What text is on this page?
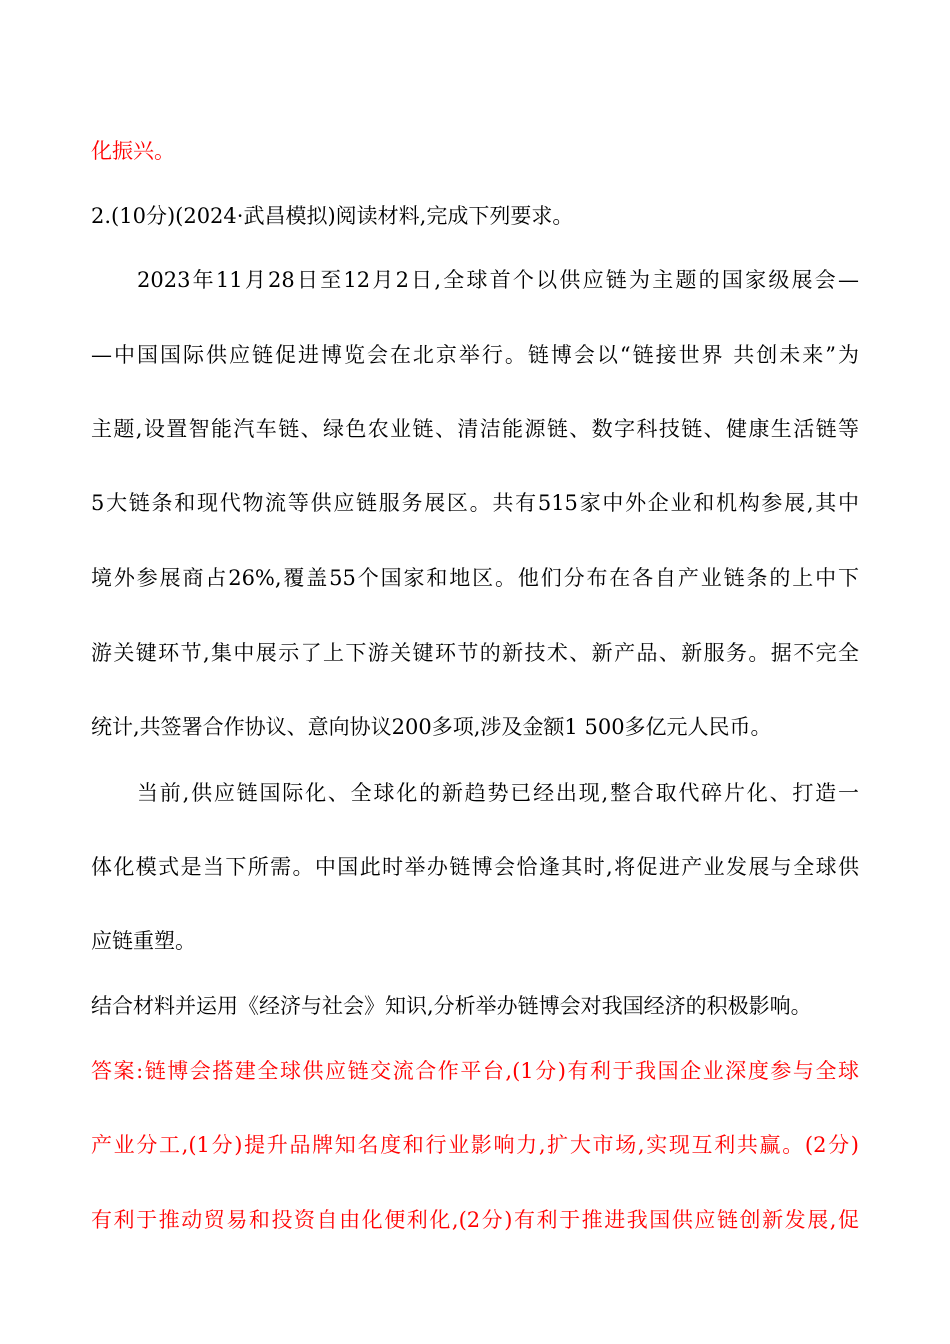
化振兴。
2.(10分)(2024·武昌模拟)阅读材料,完成下列要求。
2023年11月28日至12月2日,全球首个以供应链为主题的国家级展会—
—中国国际供应链促进博览会在北京举行。链博会以“链接世界 共创未来”为
主题,设置智能汽车链、绿色农业链、清洁能源链、数字科技链、健康生活链等
5大链条和现代物流等供应链服务展区。共有515家中外企业和机构参展,其中
境外参展商占26%,覆盖55个国家和地区。他们分布在各自产业链条的上中下
游关键环节,集中展示了上下游关键环节的新技术、新产品、新服务。据不完全
统计,共签署合作协议、意向协议200多项,涉及金额1 500多亿元人民币。
当前,供应链国际化、全球化的新趋势已经出现,整合取代碎片化、打造一
体化模式是当下所需。中国此时举办链博会恰逢其时,将促进产业发展与全球供
应链重塑。
结合材料并运用《经济与社会》知识,分析举办链博会对我国经济的积极影响。
答案:链博会搭建全球供应链交流合作平台,(1分)有利于我国企业深度参与全球
产业分工,(1分)提升品牌知名度和行业影响力,扩大市场,实现互利共赢。(2分)
有利于推动贸易和投资自由化便利化,(2分)有利于推进我国供应链创新发展,促
